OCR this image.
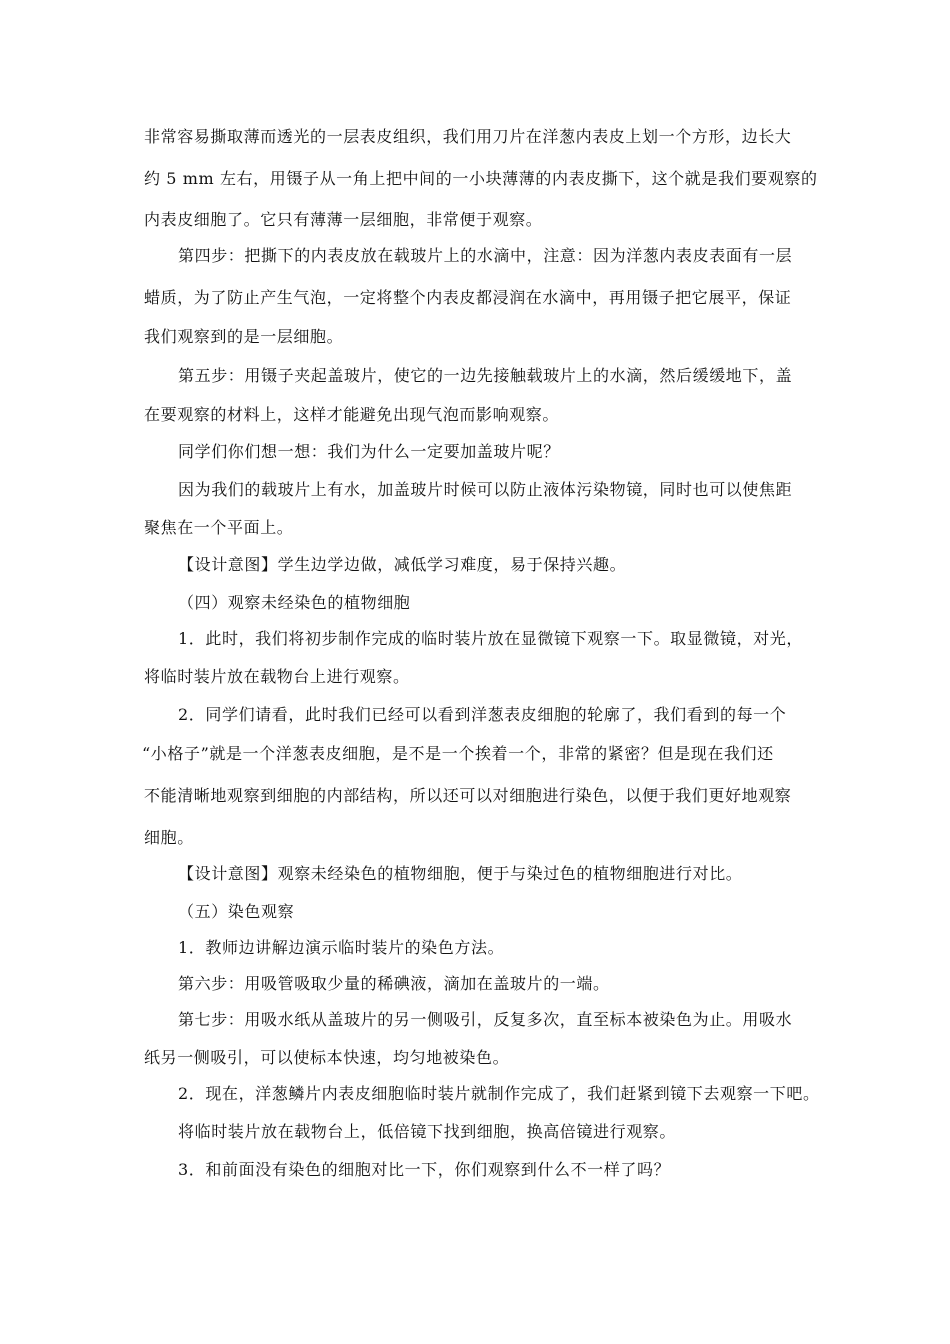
非常容易撕取薄而透光的一层表皮组织，我们用刀片在洋葱内表皮上划一个方形，边长大
约 5 mm 左右，用镊子从一角上把中间的一小块薄薄的内表皮撕下，这个就是我们要观察的
内表皮细胞了。它只有薄薄一层细胞，非常便于观察。
第四步：把撕下的内表皮放在载玻片上的水滴中，注意：因为洋葱内表皮表面有一层
蜡质，为了防止产生气泡，一定将整个内表皮都浸润在水滴中，再用镊子把它展平，保证
我们观察到的是一层细胞。
第五步：用镊子夹起盖玻片，使它的一边先接触载玻片上的水滴，然后缓缓地下，盖
在要观察的材料上，这样才能避免出现气泡而影响观察。
同学们你们想一想：我们为什么一定要加盖玻片呢？
因为我们的载玻片上有水，加盖玻片时候可以防止液体污染物镜，同时也可以使焦距
聚焦在一个平面上。
【设计意图】学生边学边做，减低学习难度，易于保持兴趣。
（四）观察未经染色的植物细胞
1．此时，我们将初步制作完成的临时装片放在显微镜下观察一下。取显微镜，对光，
将临时装片放在载物台上进行观察。
2．同学们请看，此时我们已经可以看到洋葱表皮细胞的轮廓了，我们看到的每一个
“小格子”就是一个洋葱表皮细胞，是不是一个挨着一个，非常的紧密？但是现在我们还
不能清晰地观察到细胞的内部结构，所以还可以对细胞进行染色，以便于我们更好地观察
细胞。
【设计意图】观察未经染色的植物细胞，便于与染过色的植物细胞进行对比。
（五）染色观察
1．教师边讲解边演示临时装片的染色方法。
第六步：用吸管吸取少量的稀碘液，滴加在盖玻片的一端。
第七步：用吸水纸从盖玻片的另一侧吸引，反复多次，直至标本被染色为止。用吸水
纸另一侧吸引，可以使标本快速，均匀地被染色。
2．现在，洋葱鳞片内表皮细胞临时装片就制作完成了，我们赶紧到镜下去观察一下吧。
将临时装片放在载物台上，低倍镜下找到细胞，换高倍镜进行观察。
3．和前面没有染色的细胞对比一下，你们观察到什么不一样了吗？
